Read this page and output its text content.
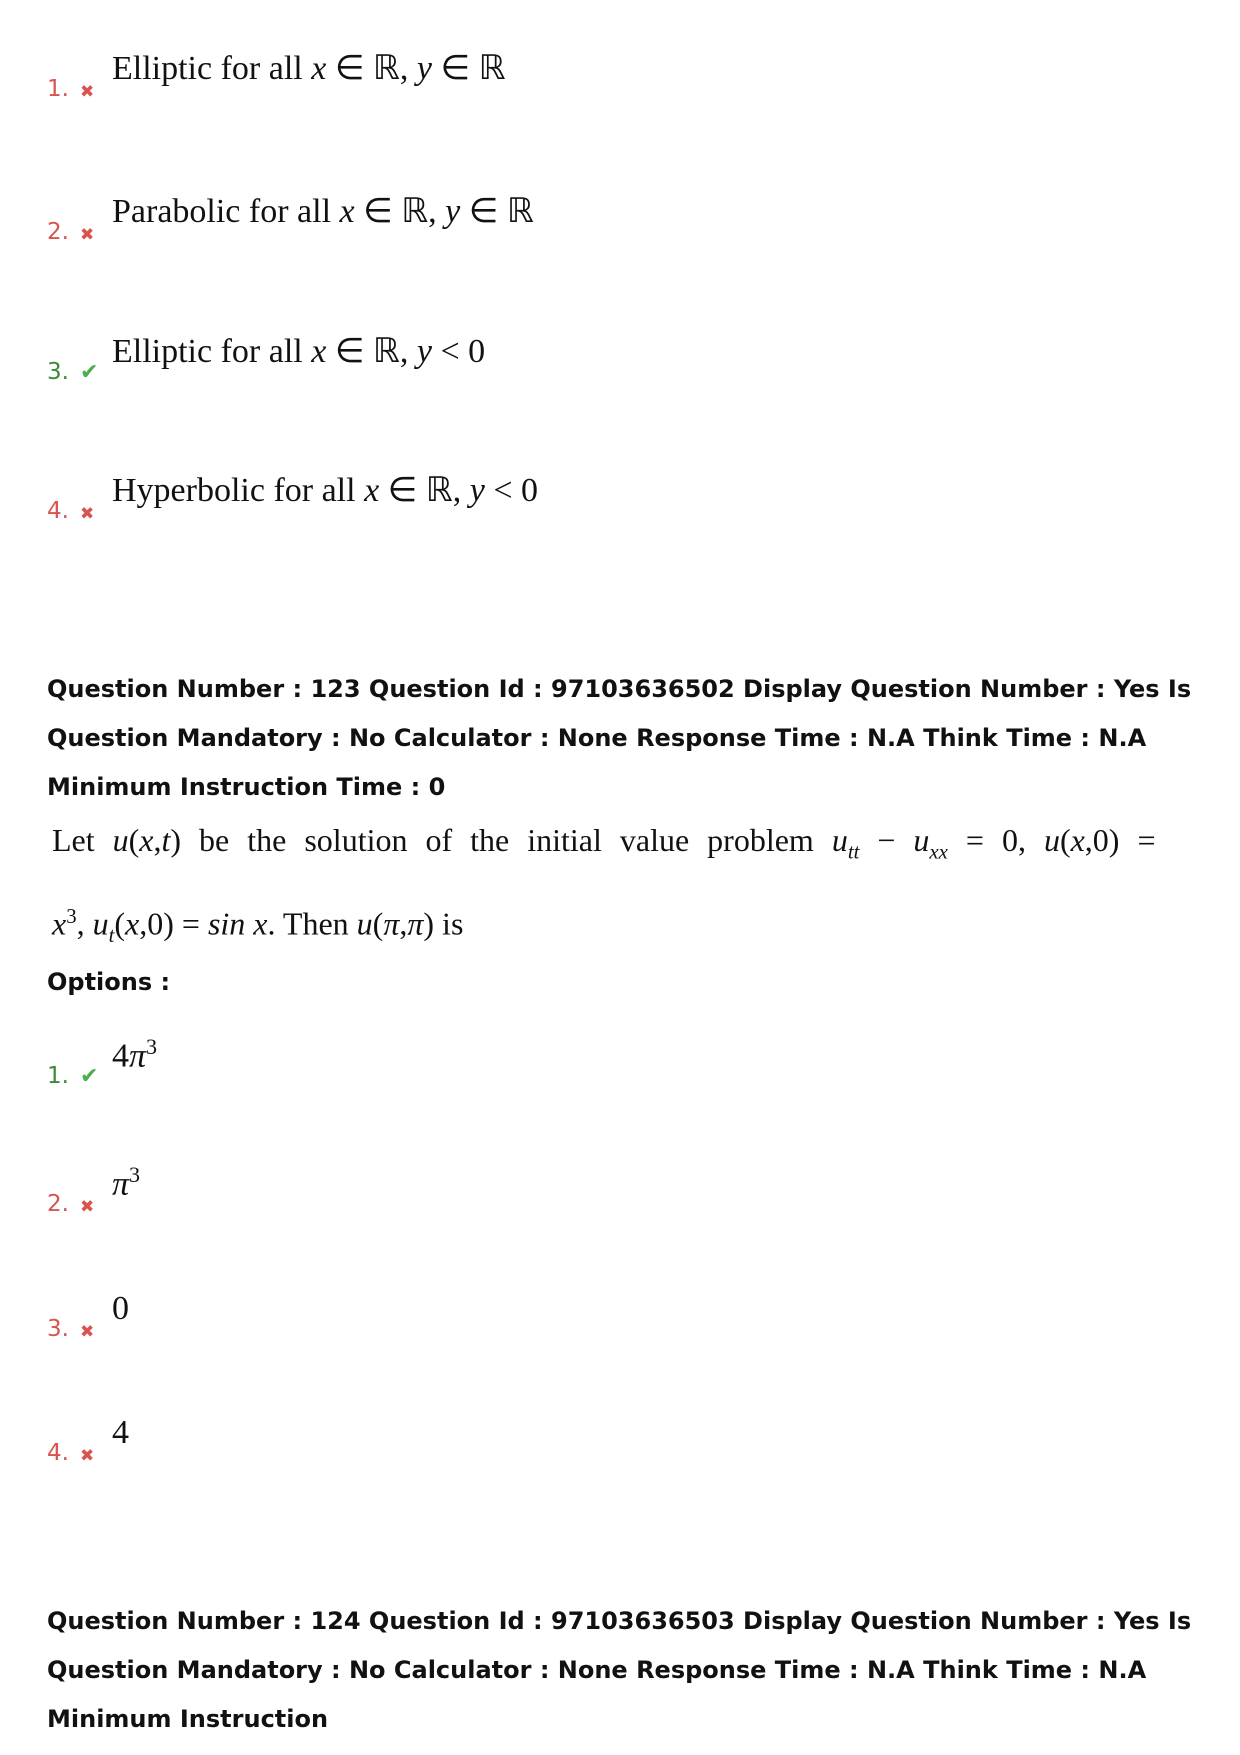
1. ✖
Elliptic for all x ∈ ℝ, y ∈ ℝ
2. ✖
Parabolic for all x ∈ ℝ, y ∈ ℝ
3. ✔
Elliptic for all x ∈ ℝ, y < 0
4. ✖
Hyperbolic for all x ∈ ℝ, y < 0

Question Number : 123 Question Id : 97103636502 Display Question Number : Yes Is Question Mandatory : No Calculator : None Response Time : N.A Think Time : N.A Minimum Instruction Time : 0

Let u(x,t) be the solution of the initial value problem $u_{tt} - u_{xx} = 0$, u(x,0) =
$x^3$, $u_t(x,0) = \sin x$. Then u(π,π) is
Options :
1. ✔
$4\pi^3$
2. ✖
$\pi^3$
3. ✖
0
4. ✖
4

Question Number : 124 Question Id : 97103636503 Display Question Number : Yes Is Question Mandatory : No Calculator : None Response Time : N.A Think Time : N.A Minimum Instruction
